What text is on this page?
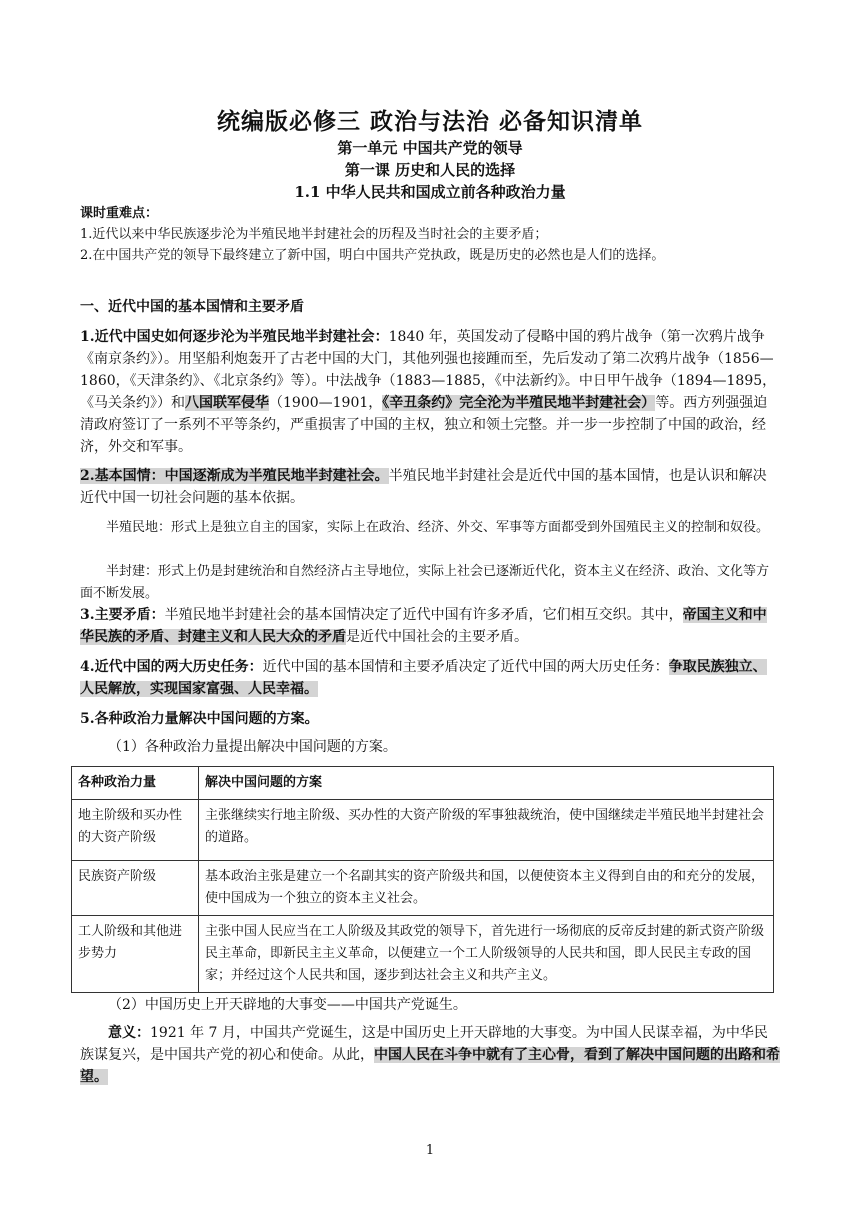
统编版必修三 政治与法治 必备知识清单
第一单元 中国共产党的领导
第一课 历史和人民的选择
1.1 中华人民共和国成立前各种政治力量
课时重难点：
1.近代以来中华民族逐步沦为半殖民地半封建社会的历程及当时社会的主要矛盾；
2.在中国共产党的领导下最终建立了新中国，明白中国共产党执政，既是历史的必然也是人们的选择。
一、近代中国的基本国情和主要矛盾
1.近代中国史如何逐步沦为半殖民地半封建社会：1840 年，英国发动了侵略中国的鸦片战争（第一次鸦片战争《南京条约》）。用坚船利炮轰开了古老中国的大门，其他列强也接踵而至，先后发动了第二次鸦片战争（1856—1860，《天津条约》、《北京条约》等）。中法战争（1883—1885，《中法新约》。中日甲午战争（1894—1895，《马关条约》）和八国联军侵华（1900—1901，《辛丑条约》完全沦为半殖民地半封建社会）等。西方列强强迫清政府签订了一系列不平等条约，严重损害了中国的主权，独立和领土完整。并一步一步控制了中国的政治，经济，外交和军事。
2.基本国情：中国逐渐成为半殖民地半封建社会。半殖民地半封建社会是近代中国的基本国情，也是认识和解决近代中国一切社会问题的基本依据。
半殖民地：形式上是独立自主的国家，实际上在政治、经济、外交、军事等方面都受到外国殖民主义的控制和奴役。
半封建：形式上仍是封建统治和自然经济占主导地位，实际上社会已逐渐近代化，资本主义在经济、政治、文化等方面不断发展。
3.主要矛盾：半殖民地半封建社会的基本国情决定了近代中国有许多矛盾，它们相互交织。其中，帝国主义和中华民族的矛盾、封建主义和人民大众的矛盾是近代中国社会的主要矛盾。
4.近代中国的两大历史任务：近代中国的基本国情和主要矛盾决定了近代中国的两大历史任务：争取民族独立、人民解放，实现国家富强、人民幸福。
5.各种政治力量解决中国问题的方案。
（1）各种政治力量提出解决中国问题的方案。
各种政治力量	解决中国问题的方案
地主阶级和买办性的大资产阶级	主张继续实行地主阶级、买办性的大资产阶级的军事独裁统治，使中国继续走半殖民地半封建社会的道路。
民族资产阶级	基本政治主张是建立一个名副其实的资产阶级共和国，以便使资本主义得到自由的和充分的发展，使中国成为一个独立的资本主义社会。
工人阶级和其他进步势力	主张中国人民应当在工人阶级及其政党的领导下，首先进行一场彻底的反帝反封建的新式资产阶级民主革命，即新民主主义革命，以便建立一个工人阶级领导的人民共和国，即人民民主专政的国家；并经过这个人民共和国，逐步到达社会主义和共产主义。
（2）中国历史上开天辟地的大事变——中国共产党诞生。
意义：1921 年 7 月，中国共产党诞生，这是中国历史上开天辟地的大事变。为中国人民谋幸福，为中华民族谋复兴，是中国共产党的初心和使命。从此，中国人民在斗争中就有了主心骨，看到了解决中国问题的出路和希望。
1
